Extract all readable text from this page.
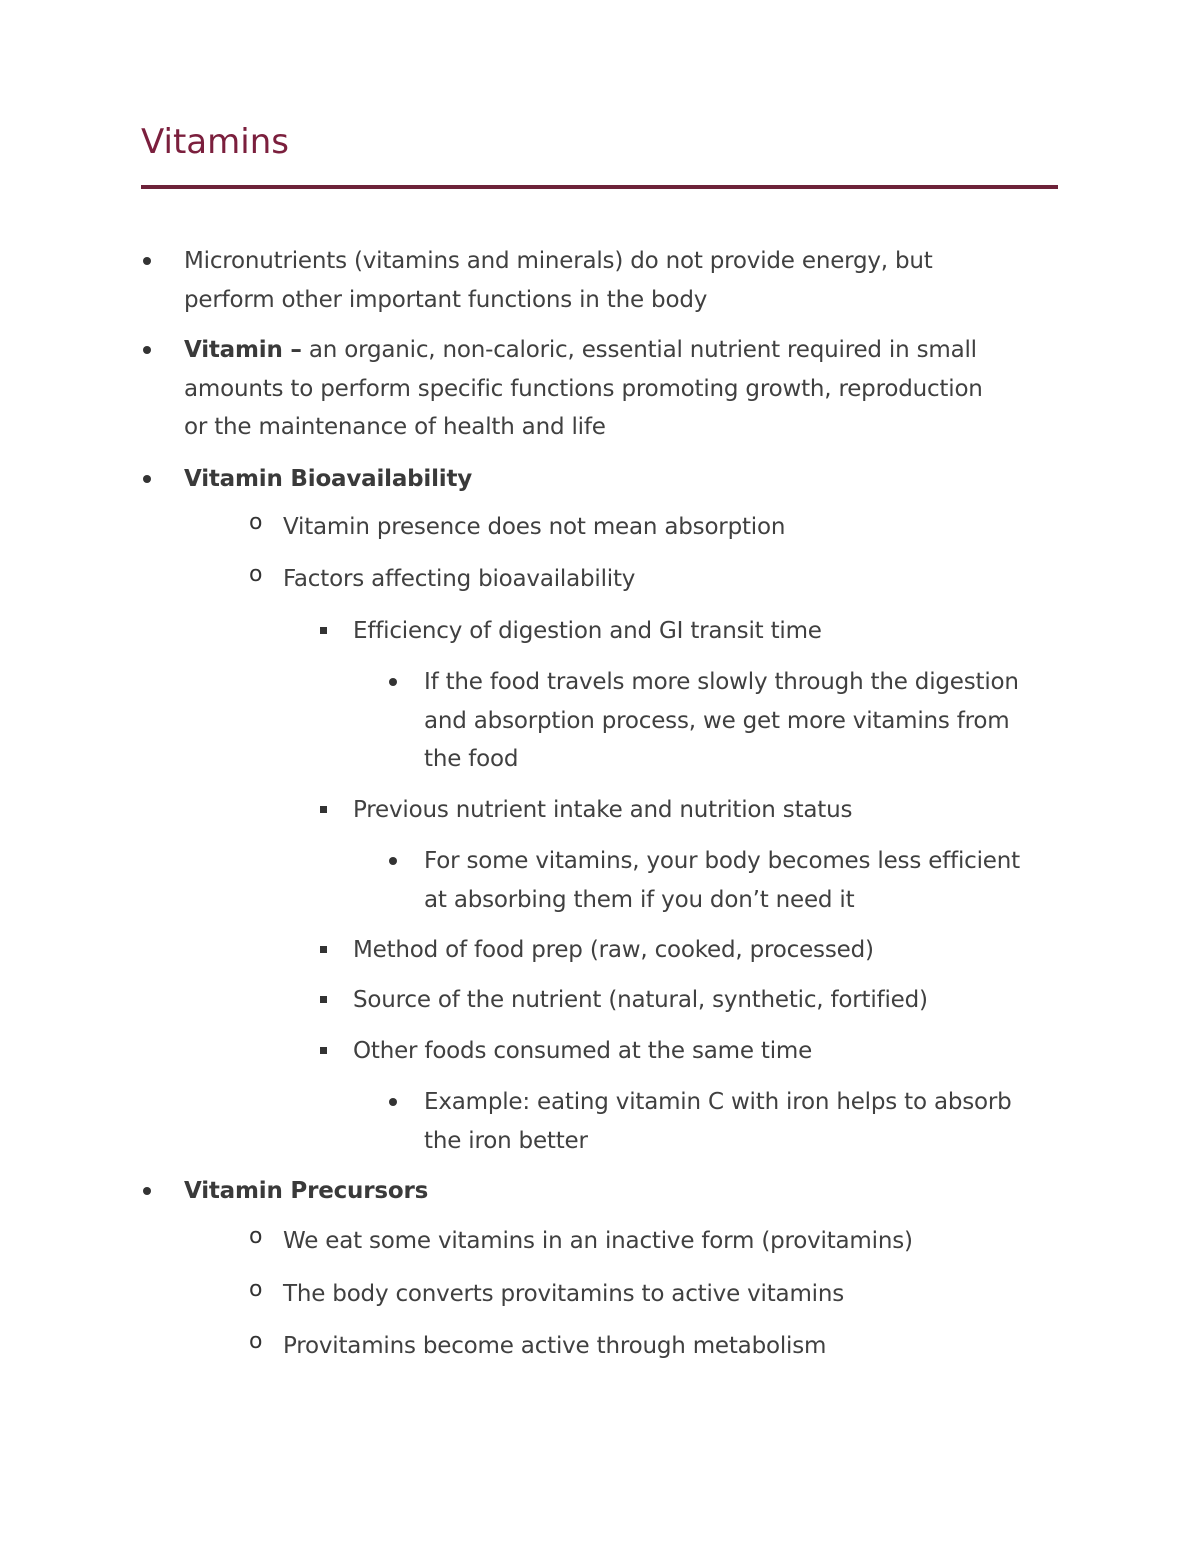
Vitamins
Micronutrients (vitamins and minerals) do not provide energy, but
perform other important functions in the body
Vitamin – an organic, non-caloric, essential nutrient required in small
amounts to perform specific functions promoting growth, reproduction
or the maintenance of health and life
Vitamin Bioavailability
o Vitamin presence does not mean absorption
o Factors affecting bioavailability
Efficiency of digestion and GI transit time
If the food travels more slowly through the digestion
and absorption process, we get more vitamins from
the food
Previous nutrient intake and nutrition status
For some vitamins, your body becomes less efficient
at absorbing them if you don’t need it
Method of food prep (raw, cooked, processed)
Source of the nutrient (natural, synthetic, fortified)
Other foods consumed at the same time
Example: eating vitamin C with iron helps to absorb
the iron better
Vitamin Precursors
o We eat some vitamins in an inactive form (provitamins)
o The body converts provitamins to active vitamins
o Provitamins become active through metabolism
